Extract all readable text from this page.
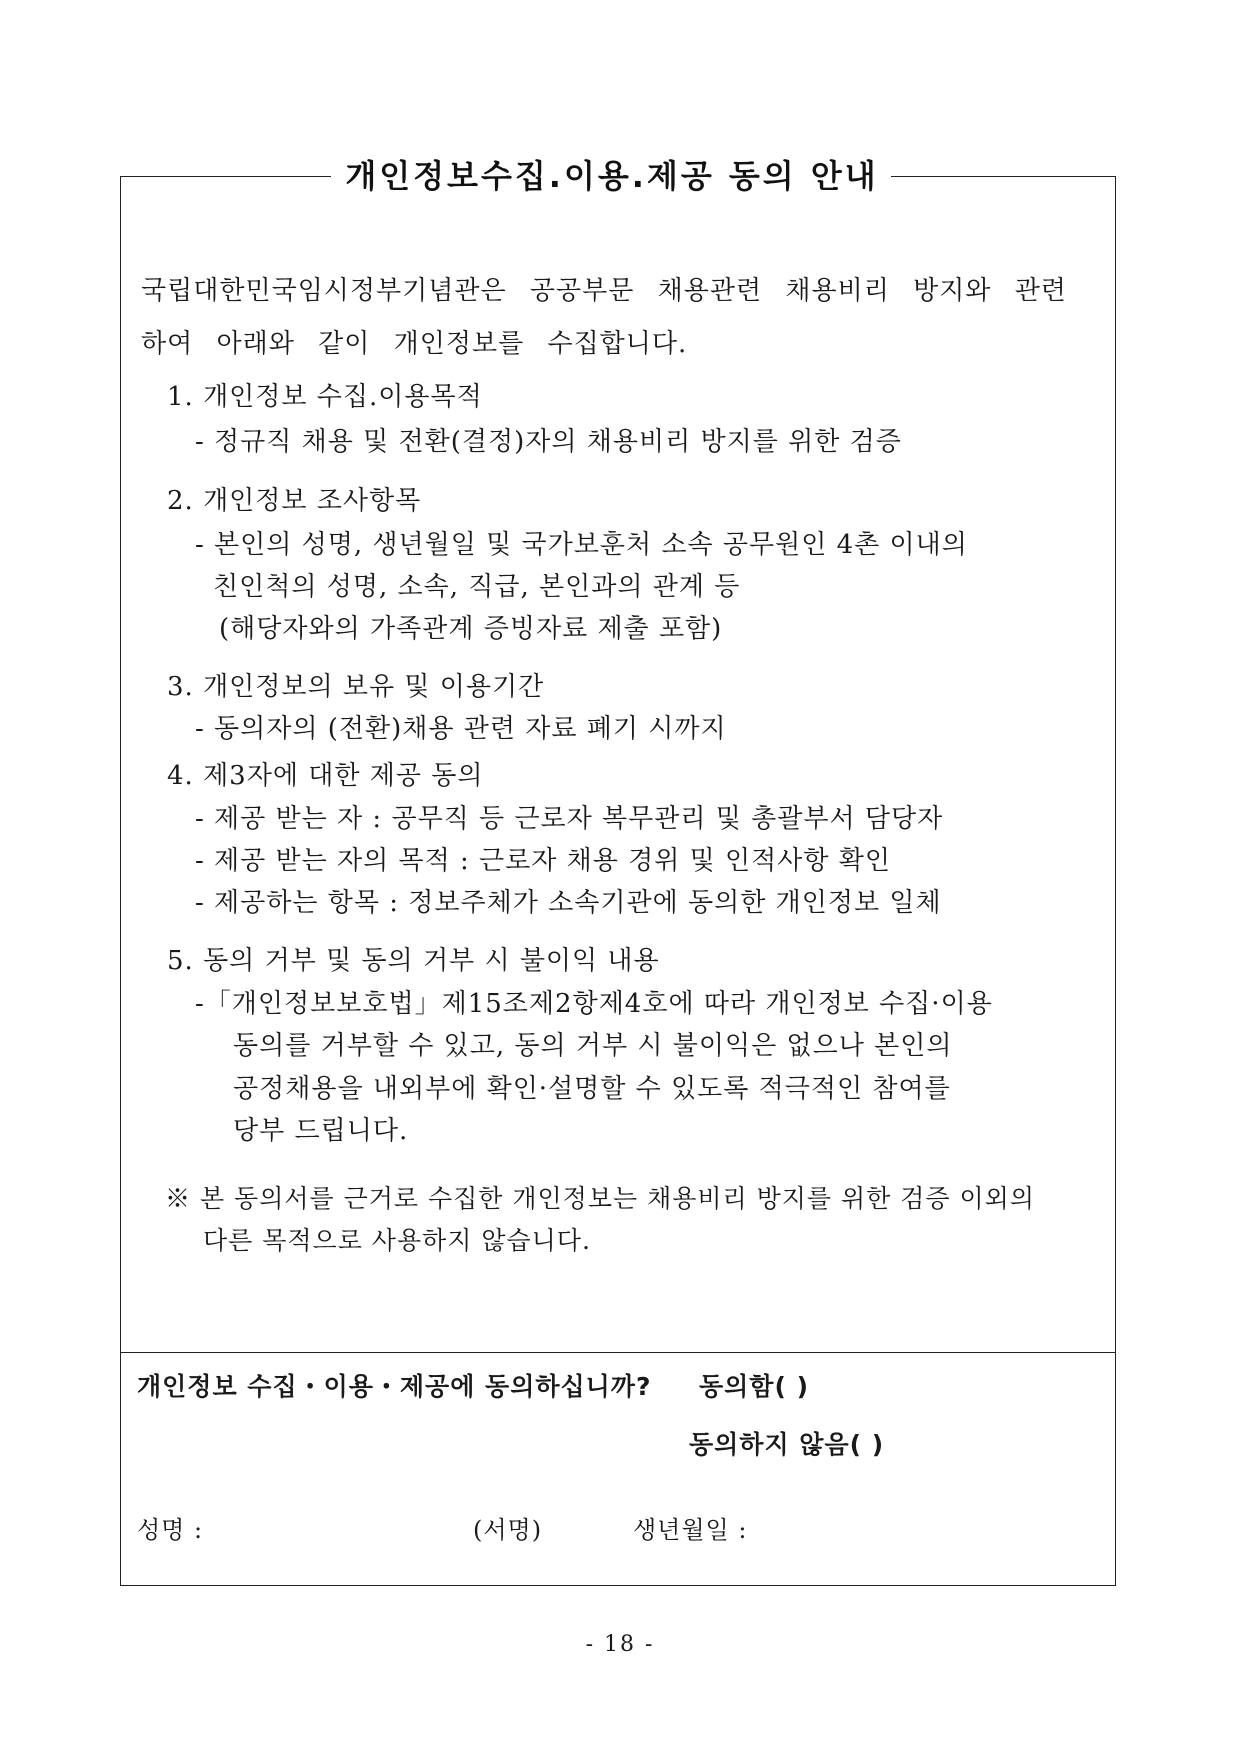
개인정보수집.이용.제공 동의 안내
국립대한민국임시정부기념관은 공공부문 채용관련 채용비리 방지와 관련
하여 아래와 같이 개인정보를 수집합니다.
1. 개인정보 수집.이용목적
- 정규직 채용 및 전환(결정)자의 채용비리 방지를 위한 검증
2. 개인정보 조사항목
- 본인의 성명, 생년월일 및 국가보훈처 소속 공무원인 4촌 이내의
친인척의 성명, 소속, 직급, 본인과의 관계 등
(해당자와의 가족관계 증빙자료 제출 포함)
3. 개인정보의 보유 및 이용기간
- 동의자의 (전환)채용 관련 자료 폐기 시까지
4. 제3자에 대한 제공 동의
- 제공 받는 자 : 공무직 등 근로자 복무관리 및 총괄부서 담당자
- 제공 받는 자의 목적 : 근로자 채용 경위 및 인적사항 확인
- 제공하는 항목 : 정보주체가 소속기관에 동의한 개인정보 일체
5. 동의 거부 및 동의 거부 시 불이익 내용
-「개인정보보호법」제15조제2항제4호에 따라 개인정보 수집·이용
동의를 거부할 수 있고, 동의 거부 시 불이익은 없으나 본인의
공정채용을 내외부에 확인·설명할 수 있도록 적극적인 참여를
당부 드립니다.
※ 본 동의서를 근거로 수집한 개인정보는 채용비리 방지를 위한 검증 이외의
다른 목적으로 사용하지 않습니다.
개인정보 수집・이용・제공에 동의하십니까? 동의함( )
동의하지 않음( )
성명 :	(서명)	생년월일 :
- 18 -
